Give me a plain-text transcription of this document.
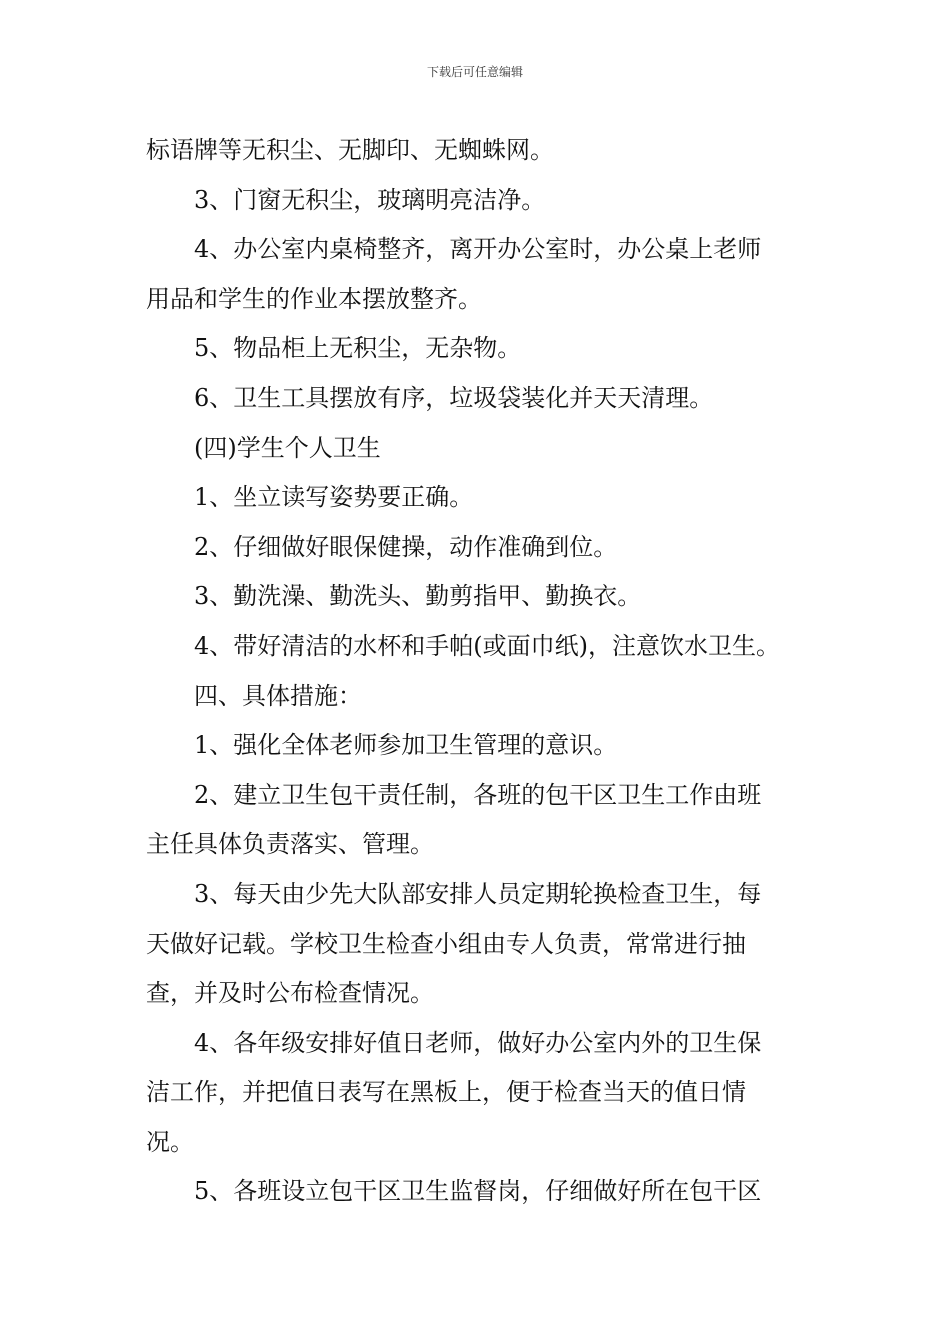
下载后可任意编辑

标语牌等无积尘、无脚印、无蜘蛛网。

3、门窗无积尘，玻璃明亮洁净。

4、办公室内桌椅整齐，离开办公室时，办公桌上老师

用品和学生的作业本摆放整齐。

5、物品柜上无积尘，无杂物。

6、卫生工具摆放有序，垃圾袋装化并天天清理。

(四)学生个人卫生

1、坐立读写姿势要正确。

2、仔细做好眼保健操，动作准确到位。

3、勤洗澡、勤洗头、勤剪指甲、勤换衣。

4、带好清洁的水杯和手帕(或面巾纸)，注意饮水卫生。

四、具体措施：

1、强化全体老师参加卫生管理的意识。

2、建立卫生包干责任制，各班的包干区卫生工作由班

主任具体负责落实、管理。

3、每天由少先大队部安排人员定期轮换检查卫生，每

天做好记载。学校卫生检查小组由专人负责，常常进行抽

查，并及时公布检查情况。

4、各年级安排好值日老师，做好办公室内外的卫生保

洁工作，并把值日表写在黑板上，便于检查当天的值日情

况。

5、各班设立包干区卫生监督岗，仔细做好所在包干区
